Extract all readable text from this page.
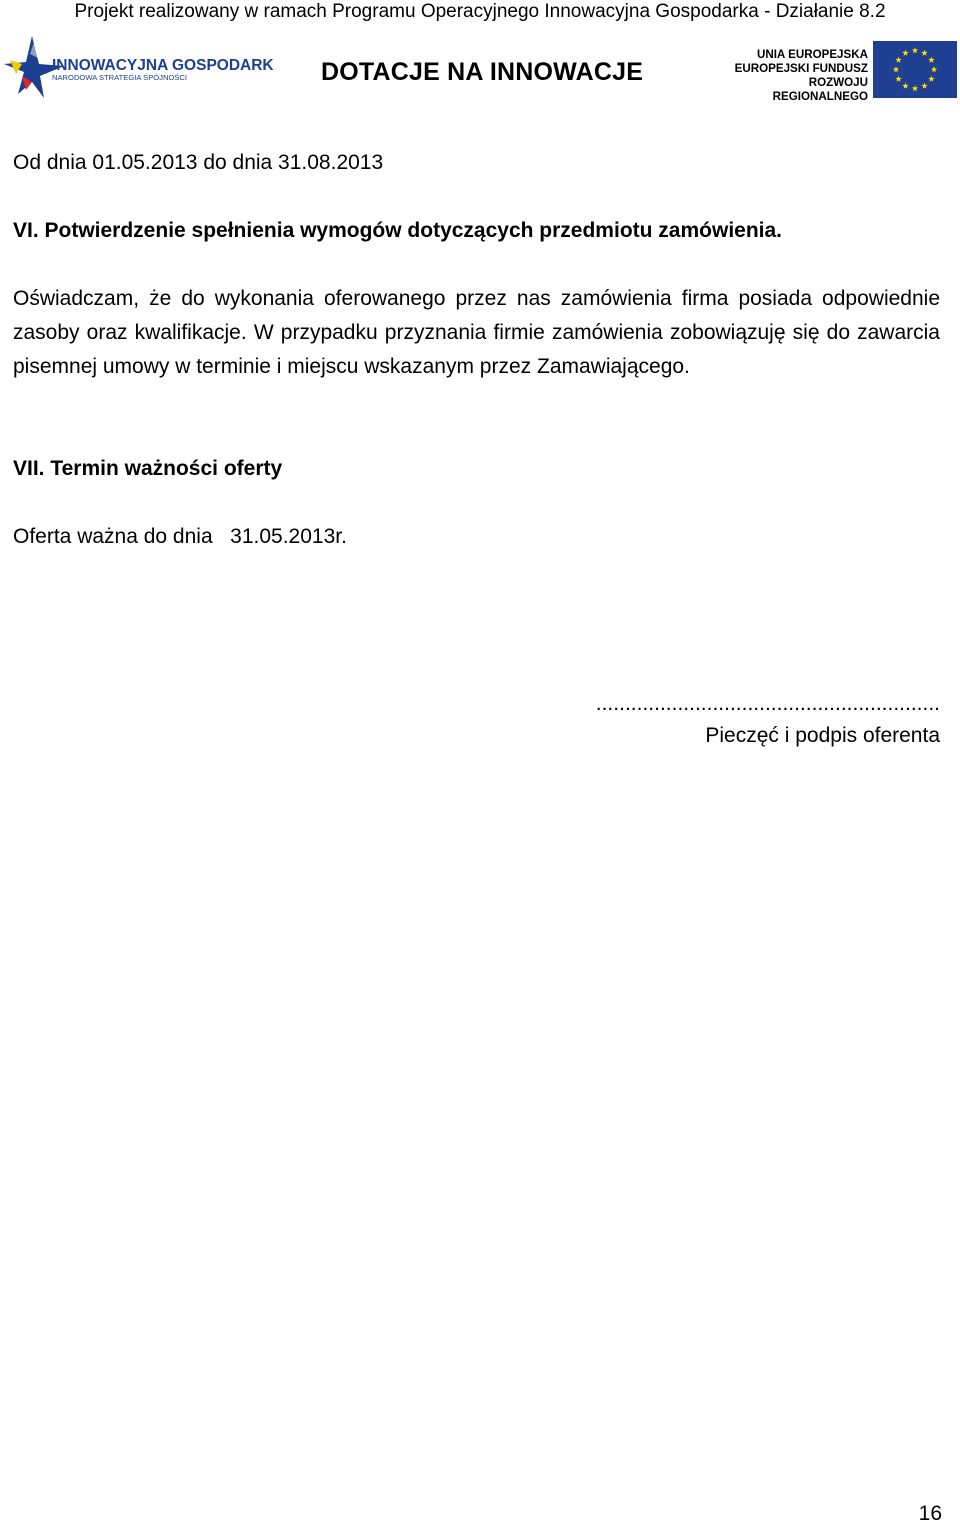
Projekt realizowany w ramach Programu Operacyjnego Innowacyjna Gospodarka - Działanie 8.2
INNOWACYJNA GOSPODARKA
NARODOWA STRATEGIA SPÓJNOŚCI	DOTACJE NA INNOWACJE
UNIA EUROPEJSKA
EUROPEJSKI FUNDUSZ
ROZWOJU REGIONALNEGO
Od dnia 01.05.2013 do dnia 31.08.2013
VI. Potwierdzenie spełnienia wymogów dotyczących przedmiotu zamówienia.
Oświadczam, że do wykonania oferowanego przez nas zamówienia firma posiada odpowiednie zasoby oraz kwalifikacje. W przypadku przyznania firmie zamówienia zobowiązuję się do zawarcia pisemnej umowy w terminie i miejscu wskazanym przez Zamawiającego.
VII. Termin ważności oferty
Oferta ważna do dnia 31.05.2013r.
...........................................................
Pieczęć i podpis oferenta
16
